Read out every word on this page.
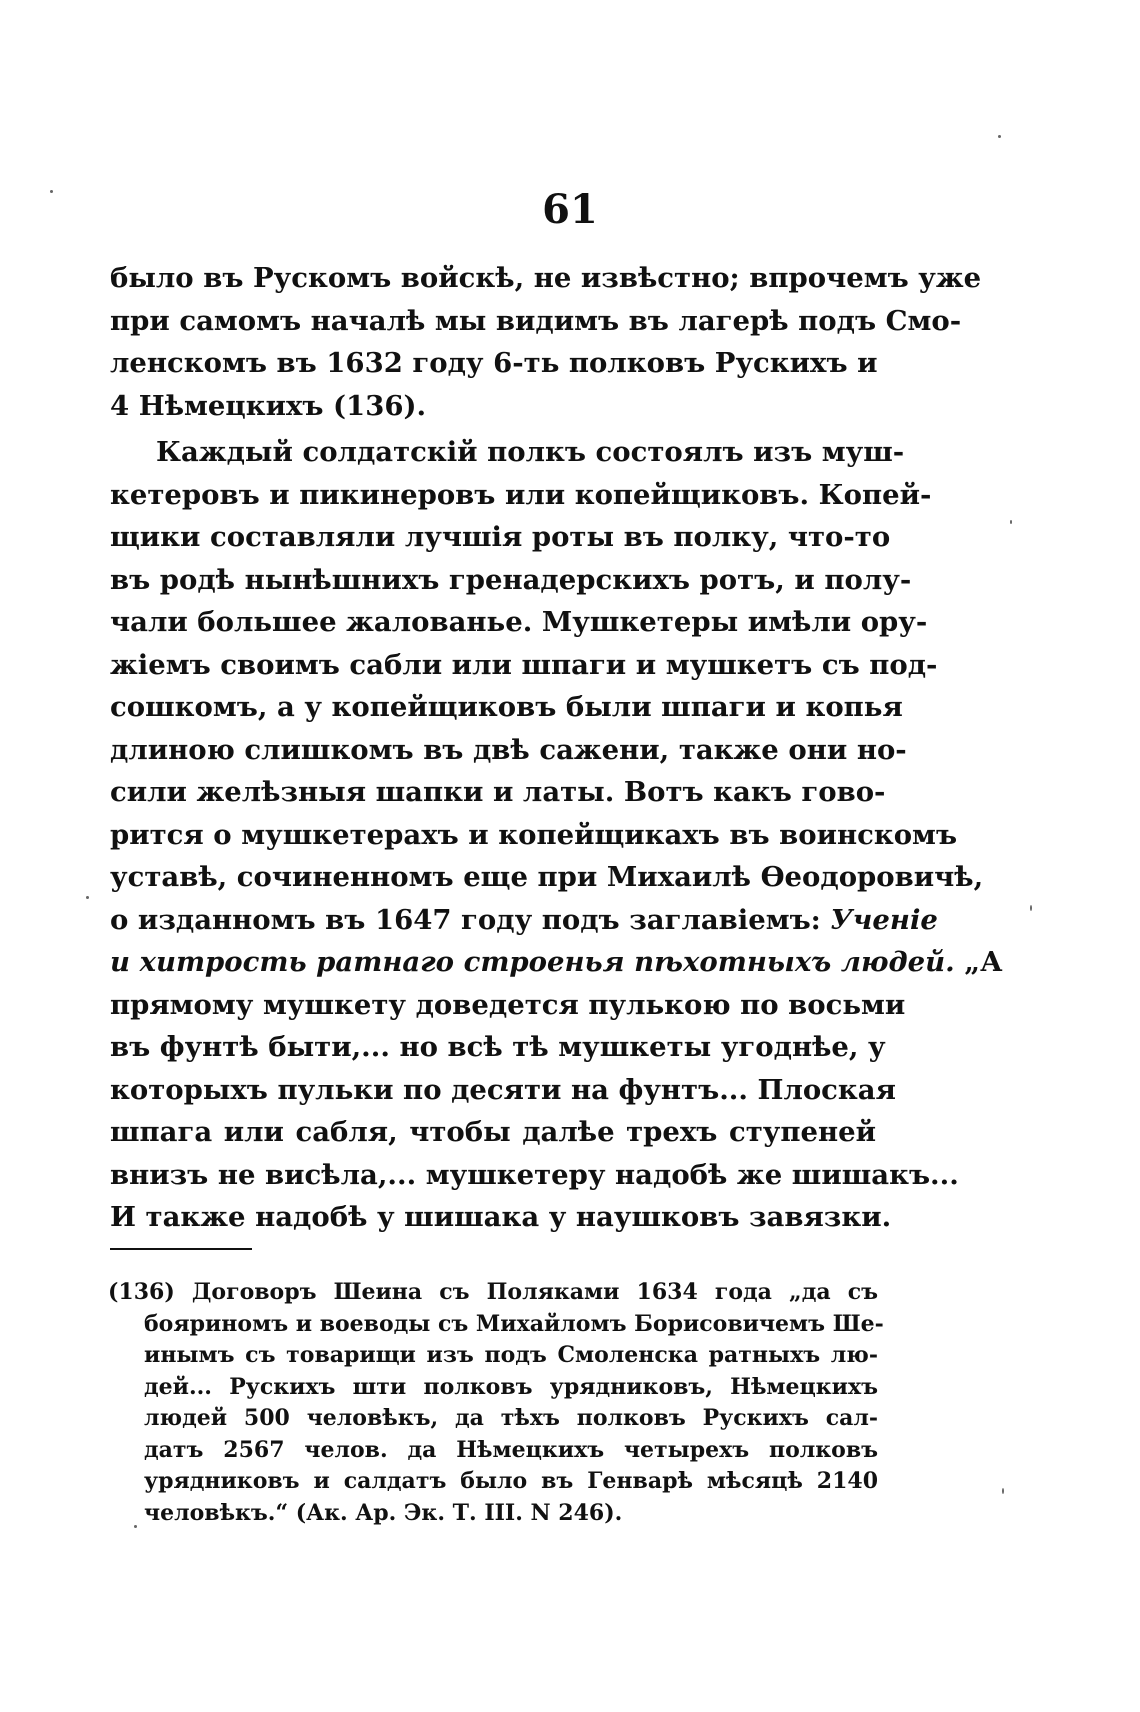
61
было въ Рускомъ войскѣ, не извѣстно; впрочемъ уже
при самомъ началѣ мы видимъ въ лагерѣ подъ Смо-
ленскомъ въ 1632 году 6-ть полковъ Рускихъ и
4 Нѣмецкихъ (136).
Каждый солдатскій полкъ состоялъ изъ муш-
кетеровъ и пикинеровъ или копейщиковъ. Копей-
щики составляли лучшія роты въ полку, что-то
въ родѣ нынѣшнихъ гренадерскихъ ротъ, и полу-
чали большее жалованье. Мушкетеры имѣли ору-
жіемъ своимъ сабли или шпаги и мушкетъ съ под-
сошкомъ, а у копейщиковъ были шпаги и копья
длиною слишкомъ въ двѣ сажени, также они но-
сили желѣзныя шапки и латы. Вотъ какъ гово-
рится о мушкетерахъ и копейщикахъ въ воинскомъ
уставѣ, сочиненномъ еще при Михаилѣ Ѳеодоровичѣ,
о изданномъ въ 1647 году подъ заглавіемъ: Ученіе
и хитрость ратнаго строенья пѣхотныхъ людей. „А
прямому мушкету доведется пулькою по восьми
въ фунтѣ быти,... но всѣ тѣ мушкеты угоднѣе, у
которыхъ пульки по десяти на фунтъ... Плоская
шпага или сабля, чтобы далѣе трехъ ступеней
внизъ не висѣла,... мушкетеру надобѣ же шишакъ...
И также надобѣ у шишака у наушковъ завязки.
(136) Договоръ Шеина съ Поляками 1634 года „да съ
бояриномъ и воеводы съ Михайломъ Борисовичемъ Ше-
инымъ съ товарищи изъ подъ Смоленска ратныхъ лю-
дей... Рускихъ шти полковъ урядниковъ, Нѣмецкихъ
людей 500 человѣкъ, да тѣхъ полковъ Рускихъ сал-
датъ 2567 челов. да Нѣмецкихъ четырехъ полковъ
урядниковъ и салдатъ было въ Генварѣ мѣсяцѣ 2140
человѣкъ.“ (Ак. Ар. Эк. Т. III. N 246).
